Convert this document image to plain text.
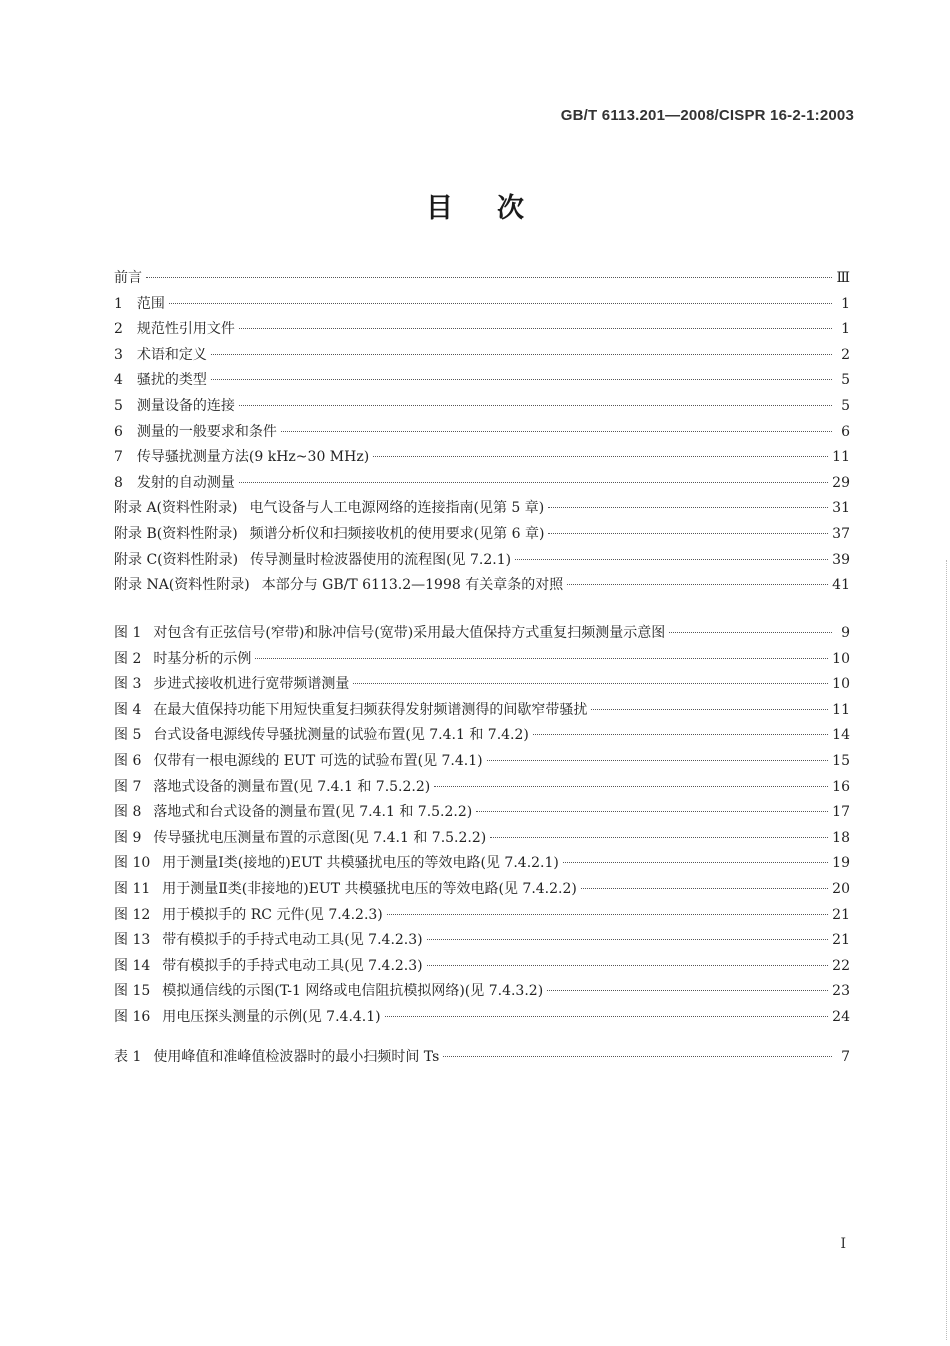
GB/T 6113.201—2008/CISPR 16-2-1:2003
目次
前言	Ⅲ
1 范围	1
2 规范性引用文件	1
3 术语和定义	2
4 骚扰的类型	5
5 测量设备的连接	5
6 测量的一般要求和条件	6
7 传导骚扰测量方法(9 kHz~30 MHz)	11
8 发射的自动测量	29
附录 A(资料性附录) 电气设备与人工电源网络的连接指南(见第 5 章)	31
附录 B(资料性附录) 频谱分析仪和扫频接收机的使用要求(见第 6 章)	37
附录 C(资料性附录) 传导测量时检波器使用的流程图(见 7.2.1)	39
附录 NA(资料性附录) 本部分与 GB/T 6113.2—1998 有关章条的对照	41
图 1 对包含有正弦信号(窄带)和脉冲信号(宽带)采用最大值保持方式重复扫频测量示意图	9
图 2 时基分析的示例	10
图 3 步进式接收机进行宽带频谱测量	10
图 4 在最大值保持功能下用短快重复扫频获得发射频谱测得的间歇窄带骚扰	11
图 5 台式设备电源线传导骚扰测量的试验布置(见 7.4.1 和 7.4.2)	14
图 6 仅带有一根电源线的 EUT 可选的试验布置(见 7.4.1)	15
图 7 落地式设备的测量布置(见 7.4.1 和 7.5.2.2)	16
图 8 落地式和台式设备的测量布置(见 7.4.1 和 7.5.2.2)	17
图 9 传导骚扰电压测量布置的示意图(见 7.4.1 和 7.5.2.2)	18
图 10 用于测量Ⅰ类(接地的)EUT 共模骚扰电压的等效电路(见 7.4.2.1)	19
图 11 用于测量Ⅱ类(非接地的)EUT 共模骚扰电压的等效电路(见 7.4.2.2)	20
图 12 用于模拟手的 RC 元件(见 7.4.2.3)	21
图 13 带有模拟手的手持式电动工具(见 7.4.2.3)	21
图 14 带有模拟手的手持式电动工具(见 7.4.2.3)	22
图 15 模拟通信线的示图(T-1 网络或电信阻抗模拟网络)(见 7.4.3.2)	23
图 16 用电压探头测量的示例(见 7.4.4.1)	24
表 1 使用峰值和准峰值检波器时的最小扫频时间 Ts	7
I
